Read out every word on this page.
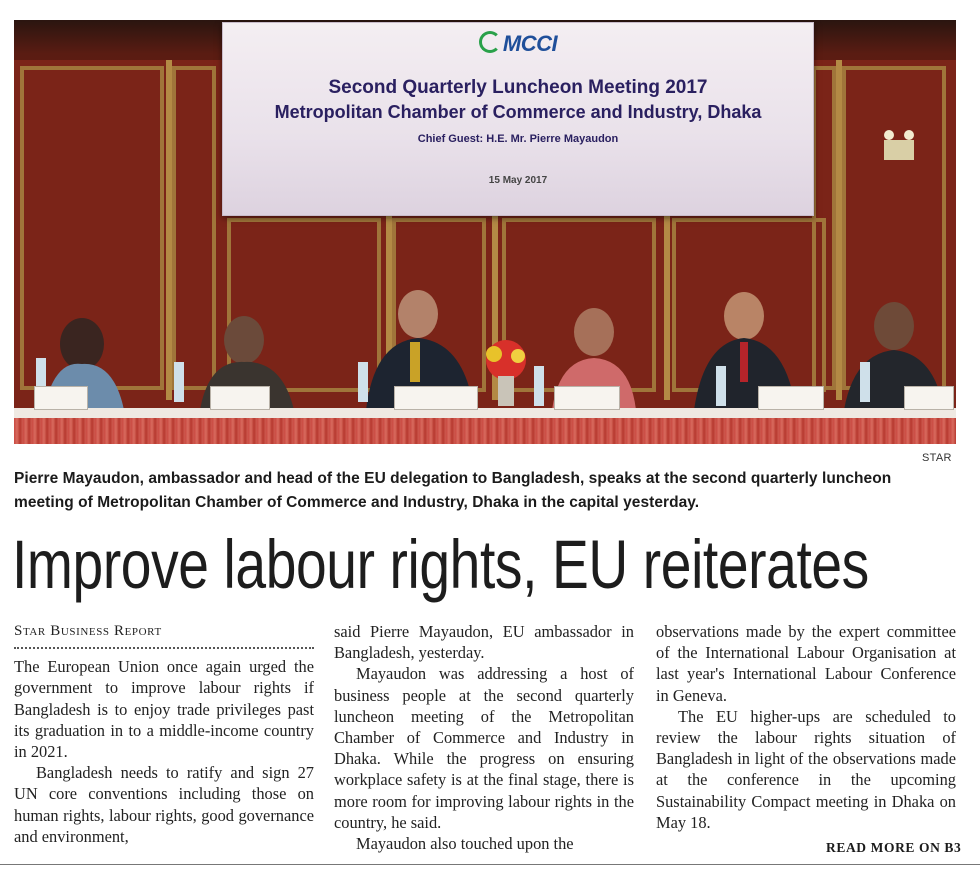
MCCI
Second Quarterly Luncheon Meeting 2017
Metropolitan Chamber of Commerce and Industry, Dhaka
Chief Guest: H.E. Mr. Pierre Mayaudon
15 May 2017
STAR
Pierre Mayaudon, ambassador and head of the EU delegation to Bangladesh, speaks at the second quarterly luncheon meeting of Metropolitan Chamber of Commerce and Industry, Dhaka in the capital yesterday.
Improve labour rights, EU reiterates
Star Business Report

The European Union once again urged the government to improve labour rights if Bangladesh is to enjoy trade privileges past its graduation in to a middle-income country in 2021.

Bangladesh needs to ratify and sign 27 UN core conventions including those on human rights, labour rights, good governance and environment,

said Pierre Mayaudon, EU ambassador in Bangladesh, yesterday.

Mayaudon was addressing a host of business people at the second quarterly luncheon meeting of the Metropolitan Chamber of Commerce and Industry in Dhaka. While the progress on ensuring workplace safety is at the final stage, there is more room for improving labour rights in the country, he said.

Mayaudon also touched upon the

observations made by the expert committee of the International Labour Organisation at last year's International Labour Conference in Geneva.

The EU higher-ups are scheduled to review the labour rights situation of Bangladesh in light of the observations made at the conference in the upcoming Sustainability Compact meeting in Dhaka on May 18.

READ MORE ON B3
